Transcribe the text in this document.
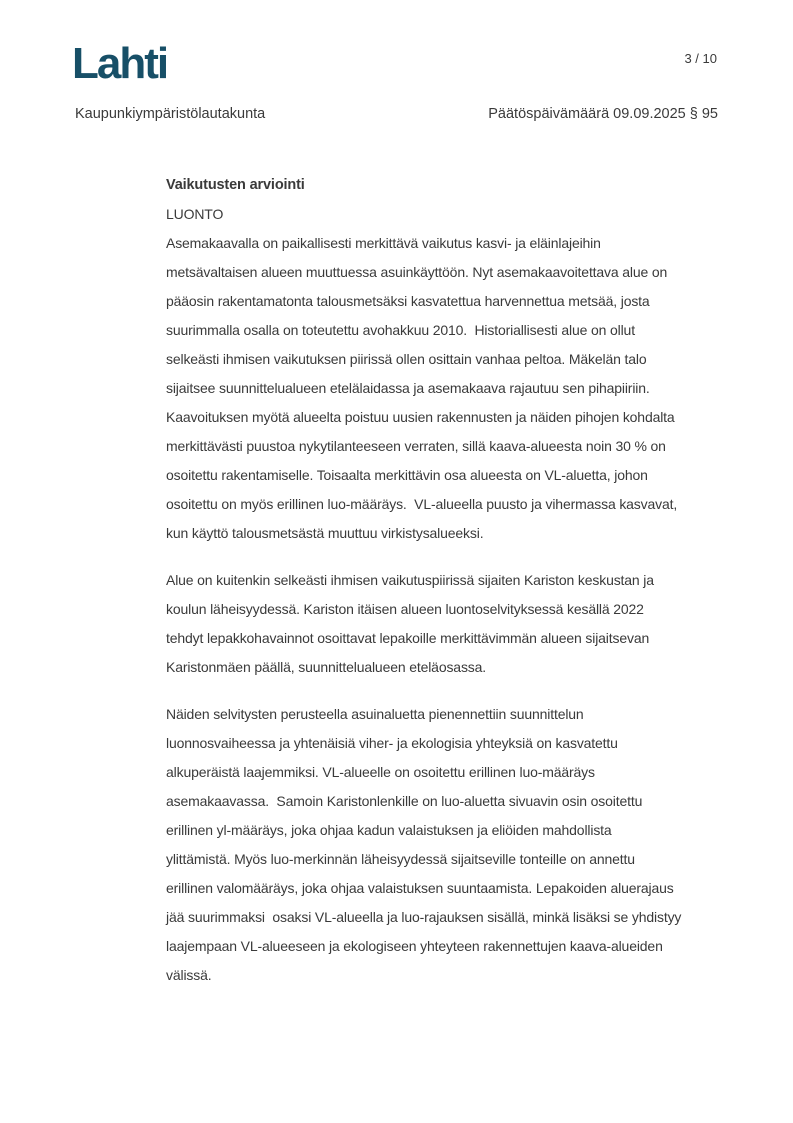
Lahti	3 / 10
Kaupunkiympäristölautakunta	Päätöspäivämäärä 09.09.2025 § 95
Vaikutusten arviointi
LUONTO
Asemakaavalla on paikallisesti merkittävä vaikutus kasvi- ja eläinlajeihin
metsävaltaisen alueen muuttuessa asuinkäyttöön. Nyt asemakaavoitettava alue on
pääosin rakentamatonta talousmetsäksi kasvatettua harvennettua metsää, josta
suurimmalla osalla on toteutettu avohakkuu 2010.  Historiallisesti alue on ollut
selkeästi ihmisen vaikutuksen piirissä ollen osittain vanhaa peltoa. Mäkelän talo
sijaitsee suunnittelualueen etelälaidassa ja asemakaava rajautuu sen pihapiiriin.
Kaavoituksen myötä alueelta poistuu uusien rakennusten ja näiden pihojen kohdalta
merkittävästi puustoa nykytilanteeseen verraten, sillä kaava-alueesta noin 30 % on
osoitettu rakentamiselle. Toisaalta merkittävin osa alueesta on VL-aluetta, johon
osoitettu on myös erillinen luo-määräys.  VL-alueella puusto ja vihermassa kasvavat,
kun käyttö talousmetsästä muuttuu virkistysalueeksi.
Alue on kuitenkin selkeästi ihmisen vaikutuspiirissä sijaiten Kariston keskustan ja
koulun läheisyydessä. Kariston itäisen alueen luontoselvityksessä kesällä 2022
tehdyt lepakkohavainnot osoittavat lepakoille merkittävimmän alueen sijaitsevan
Karistonmäen päällä, suunnittelualueen eteläosassa.
Näiden selvitysten perusteella asuinaluetta pienennettiin suunnittelun
luonnosvaiheessa ja yhtenäisiä viher- ja ekologisia yhteyksiä on kasvatettu
alkuperäistä laajemmiksi. VL-alueelle on osoitettu erillinen luo-määräys
asemakaavassa.  Samoin Karistonlenkille on luo-aluetta sivuavin osin osoitettu
erillinen yl-määräys, joka ohjaa kadun valaistuksen ja eliöiden mahdollista
ylittämistä. Myös luo-merkinnän läheisyydessä sijaitseville tonteille on annettu
erillinen valomääräys, joka ohjaa valaistuksen suuntaamista. Lepakoiden aluerajaus
jää suurimmaksi  osaksi VL-alueella ja luo-rajauksen sisällä, minkä lisäksi se yhdistyy
laajempaan VL-alueeseen ja ekologiseen yhteyteen rakennettujen kaava-alueiden
välissä.
